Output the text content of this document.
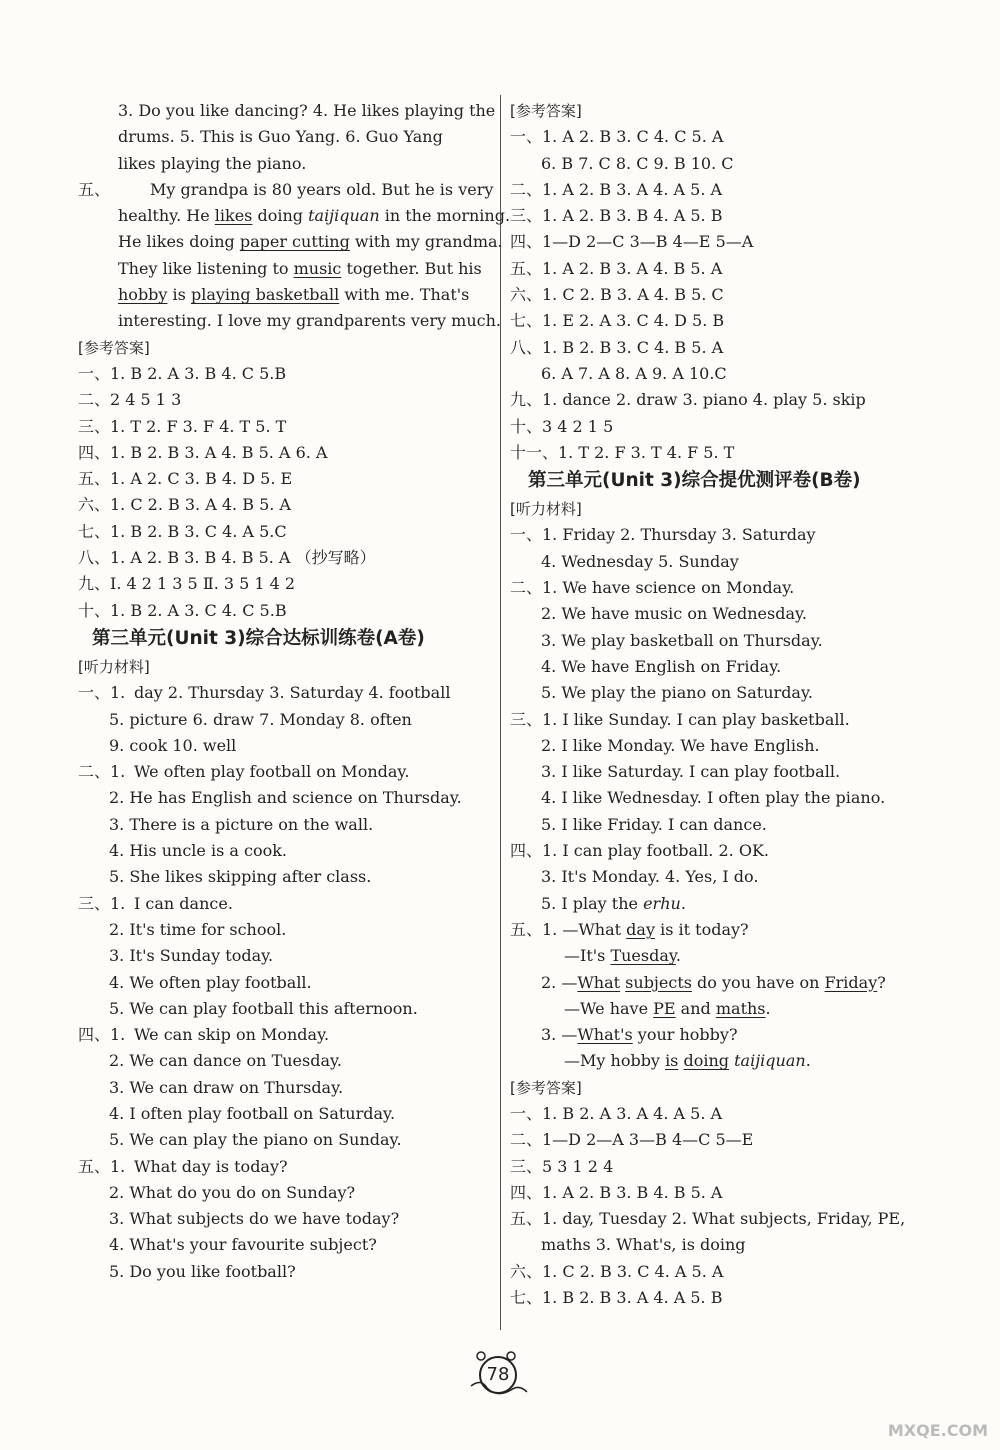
3. Do you like dancing? 4. He likes playing the
drums. 5. This is Guo Yang. 6. Guo Yang
likes playing the piano.
五、 My grandpa is 80 years old. But he is very
healthy. He likes doing taijiquan in the morning.
He likes doing paper cutting with my grandma.
They like listening to music together. But his
hobby is playing basketball with me. That's
interesting. I love my grandparents very much.
[参考答案]
一、1. B 2. A 3. B 4. C 5.B
二、2 4 5 1 3
三、1. T 2. F 3. F 4. T 5. T
四、1. B 2. B 3. A 4. B 5. A 6. A
五、1. A 2. C 3. B 4. D 5. E
六、1. C 2. B 3. A 4. B 5. A
七、1. B 2. B 3. C 4. A 5.C
八、1. A 2. B 3. B 4. B 5. A （抄写略）
九、Ⅰ. 4 2 1 3 5 Ⅱ. 3 5 1 4 2
十、1. B 2. A 3. C 4. C 5.B
第三单元(Unit 3)综合达标训练卷(A卷)
[听力材料]
一、1. day 2. Thursday 3. Saturday 4. football
5. picture 6. draw 7. Monday 8. often
9. cook 10. well
二、1. We often play football on Monday.
2. He has English and science on Thursday.
3. There is a picture on the wall.
4. His uncle is a cook.
5. She likes skipping after class.
三、1. I can dance.
2. It's time for school.
3. It's Sunday today.
4. We often play football.
5. We can play football this afternoon.
四、1. We can skip on Monday.
2. We can dance on Tuesday.
3. We can draw on Thursday.
4. I often play football on Saturday.
5. We can play the piano on Sunday.
五、1. What day is today?
2. What do you do on Sunday?
3. What subjects do we have today?
4. What's your favourite subject?
5. Do you like football?
[参考答案]
一、1. A 2. B 3. C 4. C 5. A
6. B 7. C 8. C 9. B 10. C
二、1. A 2. B 3. A 4. A 5. A
三、1. A 2. B 3. B 4. A 5. B
四、1—D 2—C 3—B 4—E 5—A
五、1. A 2. B 3. A 4. B 5. A
六、1. C 2. B 3. A 4. B 5. C
七、1. E 2. A 3. C 4. D 5. B
八、1. B 2. B 3. C 4. B 5. A
6. A 7. A 8. A 9. A 10.C
九、1. dance 2. draw 3. piano 4. play 5. skip
十、3 4 2 1 5
十一、1. T 2. F 3. T 4. F 5. T
第三单元(Unit 3)综合提优测评卷(B卷)
[听力材料]
一、1. Friday 2. Thursday 3. Saturday
4. Wednesday 5. Sunday
二、1. We have science on Monday.
2. We have music on Wednesday.
3. We play basketball on Thursday.
4. We have English on Friday.
5. We play the piano on Saturday.
三、1. I like Sunday. I can play basketball.
2. I like Monday. We have English.
3. I like Saturday. I can play football.
4. I like Wednesday. I often play the piano.
5. I like Friday. I can dance.
四、1. I can play football. 2. OK.
3. It's Monday. 4. Yes, I do.
5. I play the erhu.
五、1. —What day is it today?
—It's Tuesday.
2. —What subjects do you have on Friday?
—We have PE and maths.
3. —What's your hobby?
—My hobby is doing taijiquan.
[参考答案]
一、1. B 2. A 3. A 4. A 5. A
二、1—D 2—A 3—B 4—C 5—E
三、5 3 1 2 4
四、1. A 2. B 3. B 4. B 5. A
五、1. day, Tuesday 2. What subjects, Friday, PE,
maths 3. What's, is doing
六、1. C 2. B 3. C 4. A 5. A
七、1. B 2. B 3. A 4. A 5. B
78
MXQE.COM
